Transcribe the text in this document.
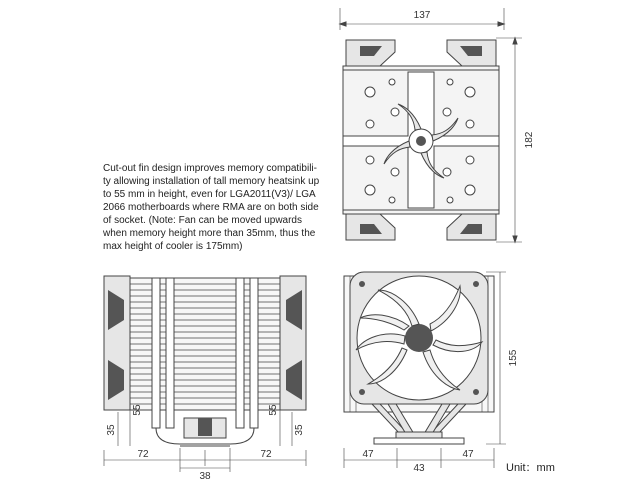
137
182
72	72
38
35
55	55
35
155
47
43
47
Cut-out fin design improves memory compatibili-
ty allowing installation of tall memory heatsink up
to 55 mm in height, even for LGA2011(V3)/ LGA
2066 motherboards where RMA are on both side
of socket. (Note: Fan can be moved upwards
when memory height more than 35mm, thus the
max height of cooler is 175mm)
Unit：mm
